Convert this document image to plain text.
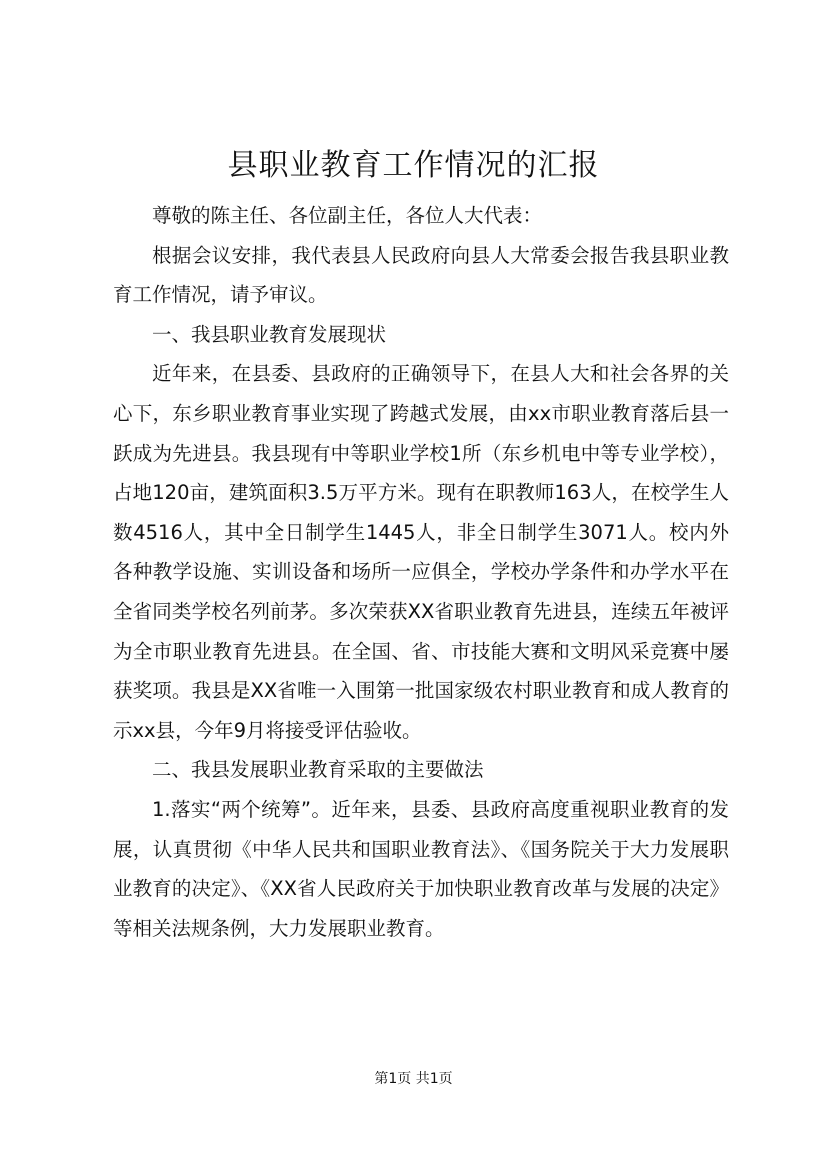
县职业教育工作情况的汇报

尊敬的陈主任、各位副主任，各位人大代表：

根据会议安排，我代表县人民政府向县人大常委会报告我县职业教育工作情况，请予审议。

一、我县职业教育发展现状

近年来，在县委、县政府的正确领导下，在县人大和社会各界的关心下，东乡职业教育事业实现了跨越式发展，由xx市职业教育落后县一跃成为先进县。我县现有中等职业学校1所（东乡机电中等专业学校），占地120亩，建筑面积3.5万平方米。现有在职教师163人，在校学生人数4516人，其中全日制学生1445人，非全日制学生3071人。校内外各种教学设施、实训设备和场所一应俱全，学校办学条件和办学水平在全省同类学校名列前茅。多次荣获XX省职业教育先进县，连续五年被评为全市职业教育先进县。在全国、省、市技能大赛和文明风采竞赛中屡获奖项。我县是XX省唯一入围第一批国家级农村职业教育和成人教育的示xx县，今年9月将接受评估验收。

二、我县发展职业教育采取的主要做法

1.落实“两个统筹”。近年来，县委、县政府高度重视职业教育的发展，认真贯彻《中华人民共和国职业教育法》、《国务院关于大力发展职业教育的决定》、《XX省人民政府关于加快职业教育改革与发展的决定》等相关法规条例，大力发展职业教育。

第1页 共1页
